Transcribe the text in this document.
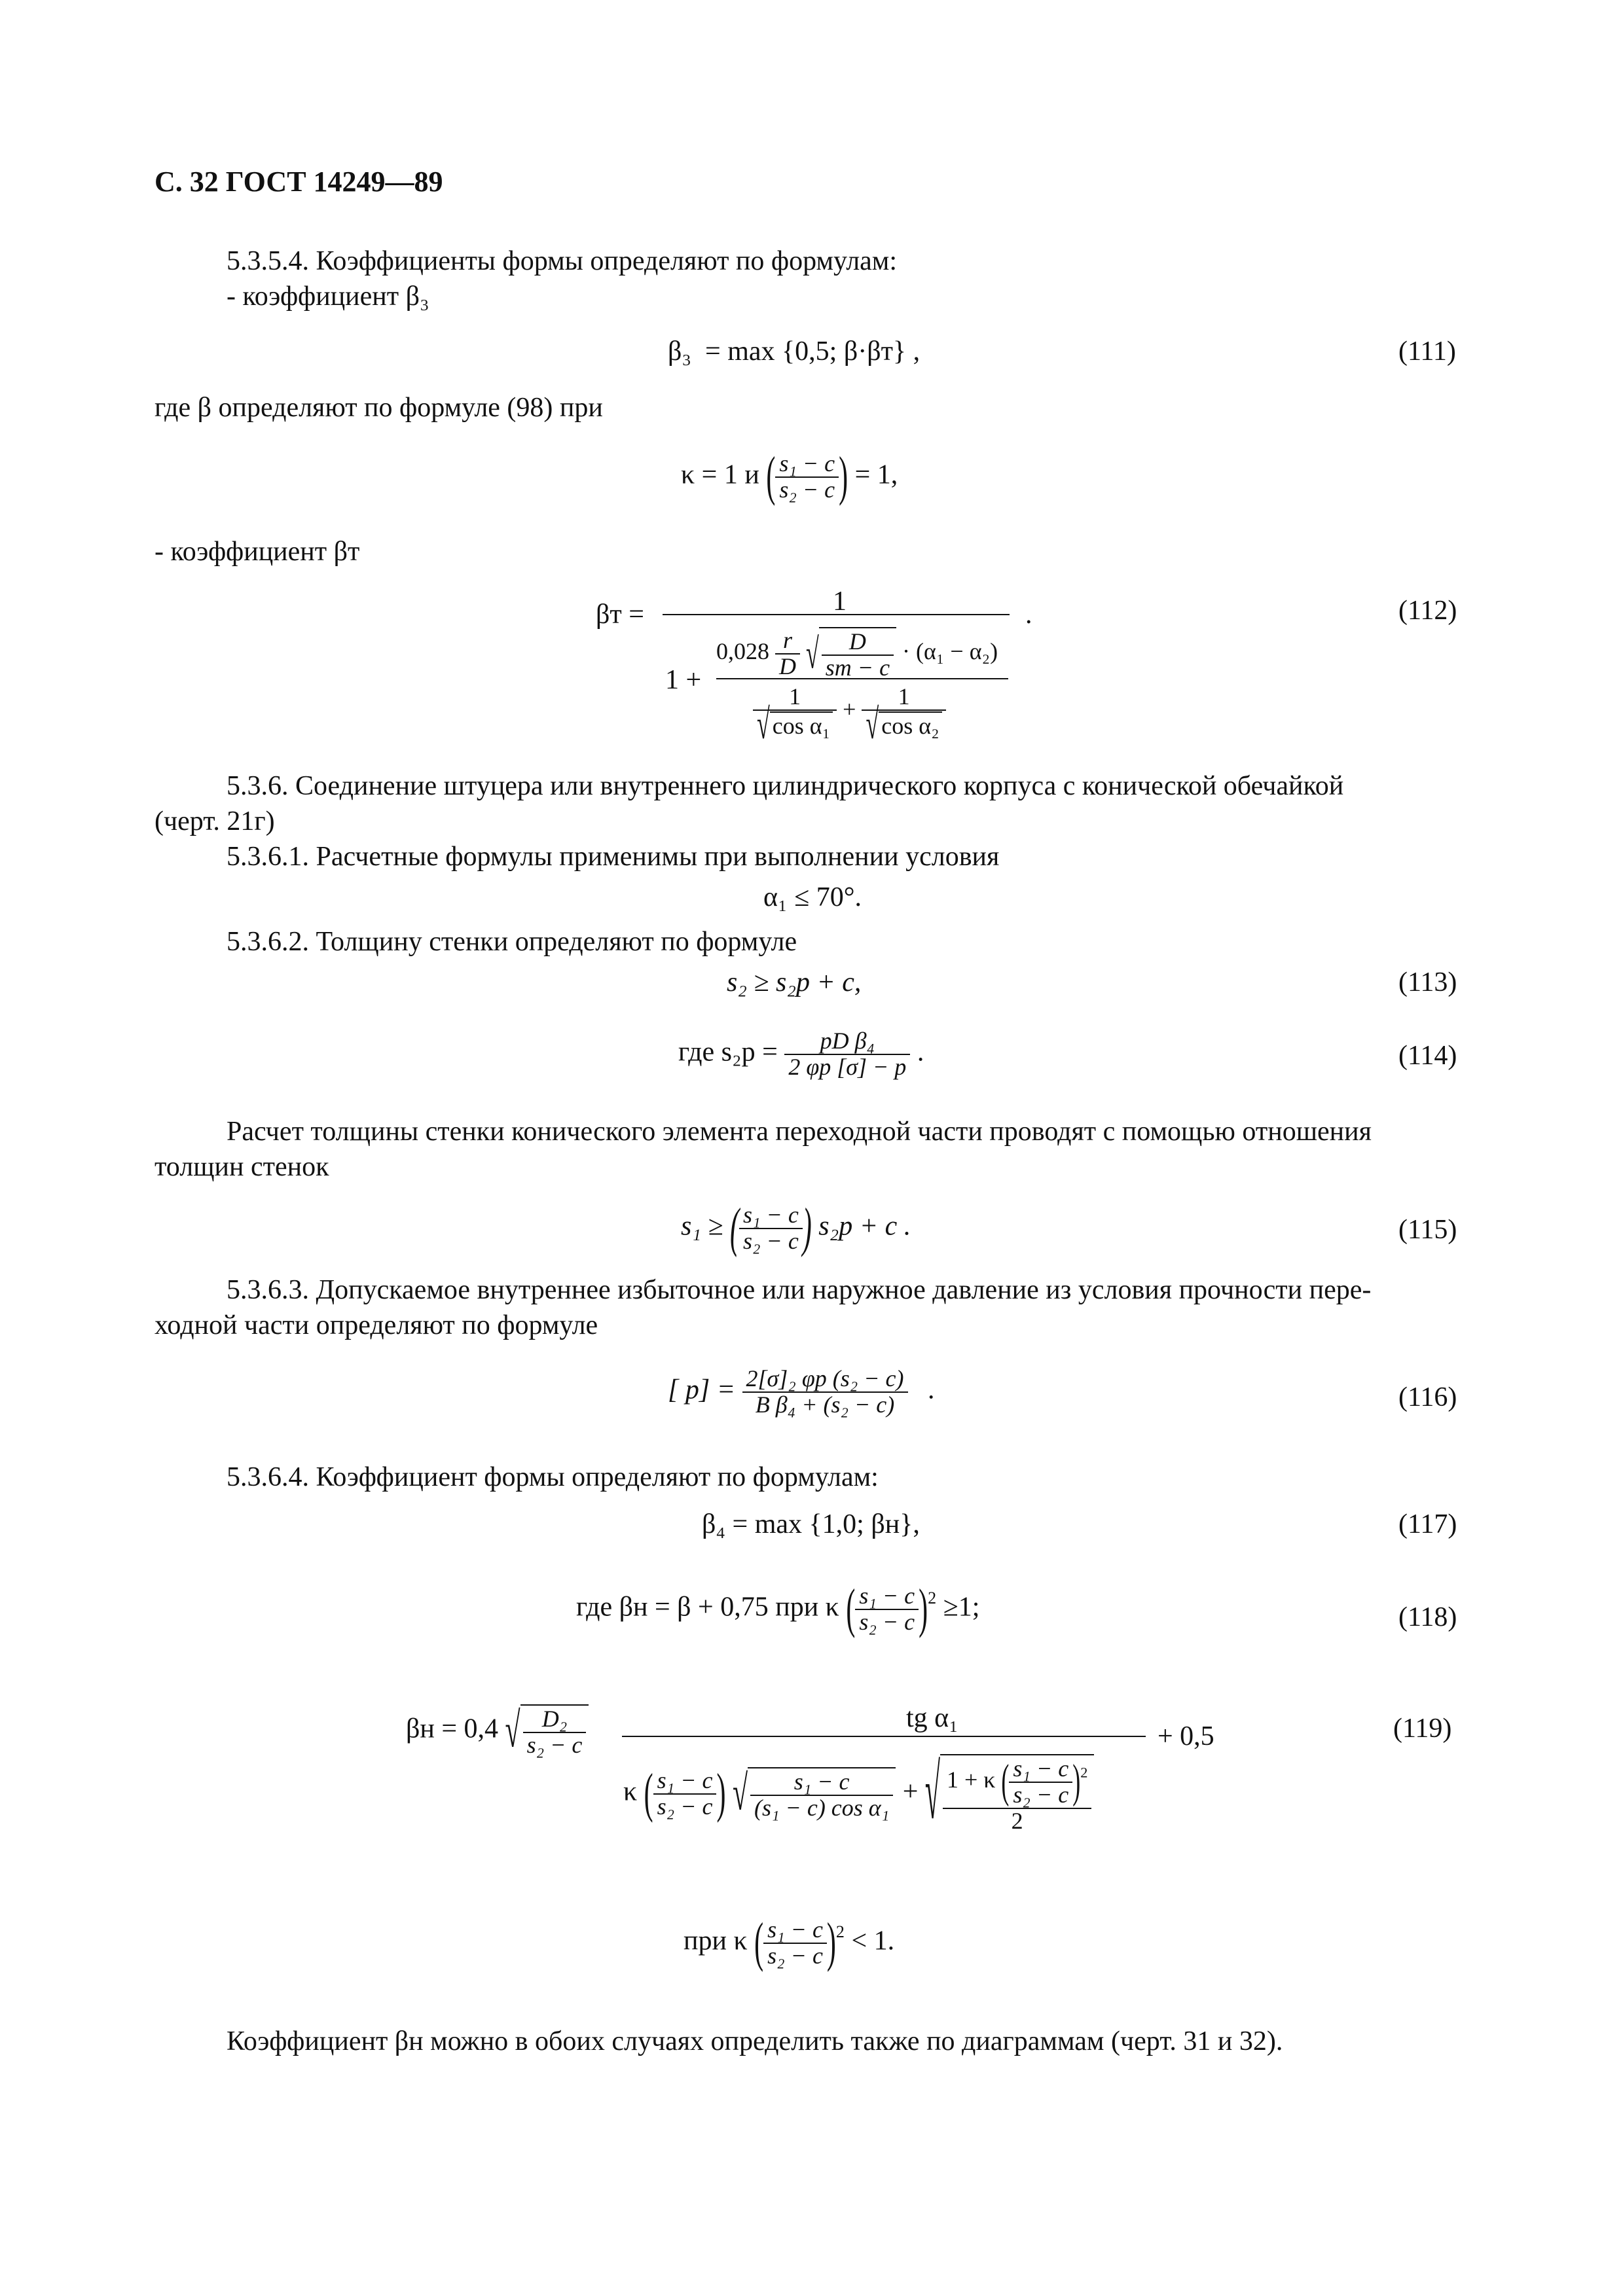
С. 32 ГОСТ 14249—89
5.3.5.4. Коэффициенты формы определяют по формулам:
- коэффициент β₃
β₃ = max {0,5; β·βт} ,	(111)
где β определяют по формуле (98) при
κ = 1 и ( $\frac{\text{s₁ − c}}{\text{s₂ − c}}$ ) = 1,
- коэффициент βт
βт =	1
1 +
$0,028 \frac{r}{D}$ √ $\frac{D}{sт - c} \cdot (\alpha_1 - \alpha_2)$
$\frac{1}{\text{√ cos α₁}} + \frac{1}{\text{√ cos α₂}}$
.	(112)
5.3.6. Соединение штуцера или внутреннего цилиндрического корпуса с конической обечайкой
(черт. 21г)
5.3.6.1. Расчетные формулы применимы при выполнении условия
α₁ ≤ 70°.
5.3.6.2. Толщину стенки определяют по формуле
s₂ ≥ s₂р + c,	(113)
где $s_2р = \frac{\text{pD β₄}}{2 \varphi р [\sigma] - p}$ .	(114)
Расчет толщины стенки конического элемента переходной части проводят с помощью отношения
толщин стенок
s₁ ≥ ( $\frac{\text{s₁ − c}}{\text{s₂ − c}}$ ) s₂р + c .	(115)
5.3.6.3. Допускаемое внутреннее избыточное или наружное давление из условия прочности пере-
ходной части определяют по формуле
[ $p] = \frac{\text{2[σ]₂ φр (s₂ − c)}}{\text{B β₄ + (s₂ − c)}}$ .	(116)
5.3.6.4. Коэффициент формы определяют по формулам:
β₄ = max {1,0; βн},	(117)
где βн = β + 0,75 при κ ( $\frac{\text{s₁ − c}}{\text{s₂ − c}} )^2 \ge 1$;	(118)
βн = 0,4 √ $\frac{\text{D₂}}{\text{s₂ − c}}$	tg α₁
κ ( $\frac{\text{s₁ − c}}{\text{s₂ − c}}$ ) √ $\frac{\text{s₁ − c}}{\text{(s₁ − c) cos α₁}}$ + √ $\frac{1 + \kappa ( \frac{\text{s₁ − c}}{\text{s₂ − c}} )^2}{2}$
+ 0,5	(119)
при κ ( $\frac{\text{s₁ − c}}{\text{s₂ − c}} )^2 < 1$.
Коэффициент βн можно в обоих случаях определить также по диаграммам (черт. 31 и 32).
